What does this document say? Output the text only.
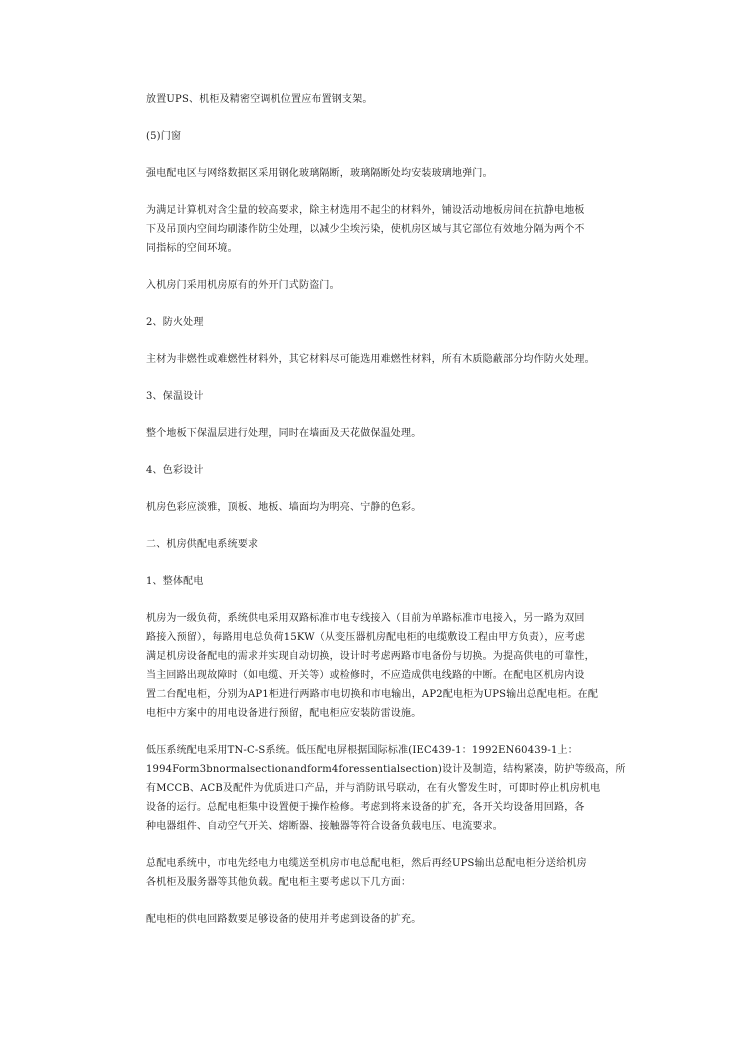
放置UPS、机柜及精密空调机位置应布置钢支架。

(5)门窗

强电配电区与网络数据区采用钢化玻璃隔断，玻璃隔断处均安装玻璃地弹门。

为满足计算机对含尘量的较高要求，除主材选用不起尘的材料外，铺设活动地板房间在抗静电地板
下及吊顶内空间均刷漆作防尘处理，以减少尘埃污染，使机房区域与其它部位有效地分隔为两个不
同指标的空间环境。

入机房门采用机房原有的外开门式防盗门。

2、防火处理

主材为非燃性或难燃性材料外，其它材料尽可能选用难燃性材料，所有木质隐蔽部分均作防火处理。

3、保温设计

整个地板下保温层进行处理，同时在墙面及天花做保温处理。

4、色彩设计

机房色彩应淡雅，顶板、地板、墙面均为明亮、宁静的色彩。

二、机房供配电系统要求

1、整体配电

机房为一级负荷，系统供电采用双路标准市电专线接入（目前为单路标准市电接入，另一路为双回
路接入预留），每路用电总负荷15KW（从变压器机房配电柜的电缆敷设工程由甲方负责），应考虑
满足机房设备配电的需求并实现自动切换，设计时考虑两路市电备份与切换。为提高供电的可靠性，
当主回路出现故障时（如电缆、开关等）或检修时，不应造成供电线路的中断。在配电区机房内设
置二台配电柜，分别为AP1柜进行两路市电切换和市电输出，AP2配电柜为UPS输出总配电柜。在配
电柜中方案中的用电设备进行预留，配电柜应安装防雷设施。

低压系统配电采用TN-C-S系统。低压配电屏根据国际标准(IEC439-1：1992EN60439-1上：
1994Form3bnormalsectionandform4foressentialsection)设计及制造，结构紧凑，防护等级高，所
有MCCB、ACB及配件为优质进口产品，并与消防讯号联动，在有火警发生时，可即时停止机房机电
设备的运行。总配电柜集中设置便于操作检修。考虑到将来设备的扩充，各开关均设备用回路，各
种电器组件、自动空气开关、熔断器、接触器等符合设备负载电压、电流要求。

总配电系统中，市电先经电力电缆送至机房市电总配电柜，然后再经UPS输出总配电柜分送给机房
各机柜及服务器等其他负载。配电柜主要考虑以下几方面：

配电柜的供电回路数要足够设备的使用并考虑到设备的扩充。
